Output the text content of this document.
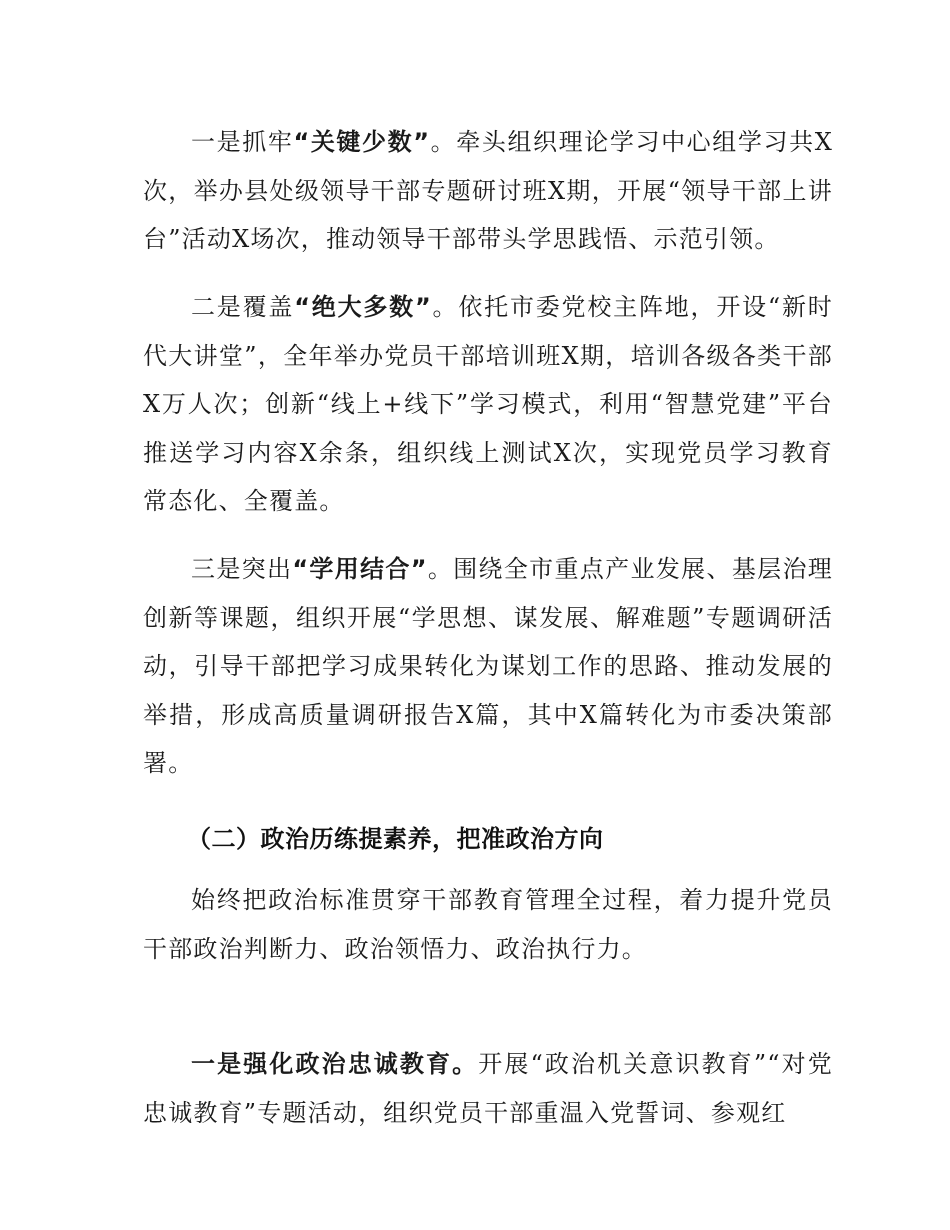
一是抓牢“关键少数”。牵头组织理论学习中心组学习共X次，举办县处级领导干部专题研讨班X期，开展“领导干部上讲台”活动X场次，推动领导干部带头学思践悟、示范引领。

二是覆盖“绝大多数”。依托市委党校主阵地，开设“新时代大讲堂”，全年举办党员干部培训班X期，培训各级各类干部X万人次；创新“线上+线下”学习模式，利用“智慧党建”平台推送学习内容X余条，组织线上测试X次，实现党员学习教育常态化、全覆盖。

三是突出“学用结合”。围绕全市重点产业发展、基层治理创新等课题，组织开展“学思想、谋发展、解难题”专题调研活动，引导干部把学习成果转化为谋划工作的思路、推动发展的举措，形成高质量调研报告X篇，其中X篇转化为市委决策部署。

（二）政治历练提素养，把准政治方向

始终把政治标准贯穿干部教育管理全过程，着力提升党员干部政治判断力、政治领悟力、政治执行力。

一是强化政治忠诚教育。开展“政治机关意识教育”“对党忠诚教育”专题活动，组织党员干部重温入党誓词、参观红
